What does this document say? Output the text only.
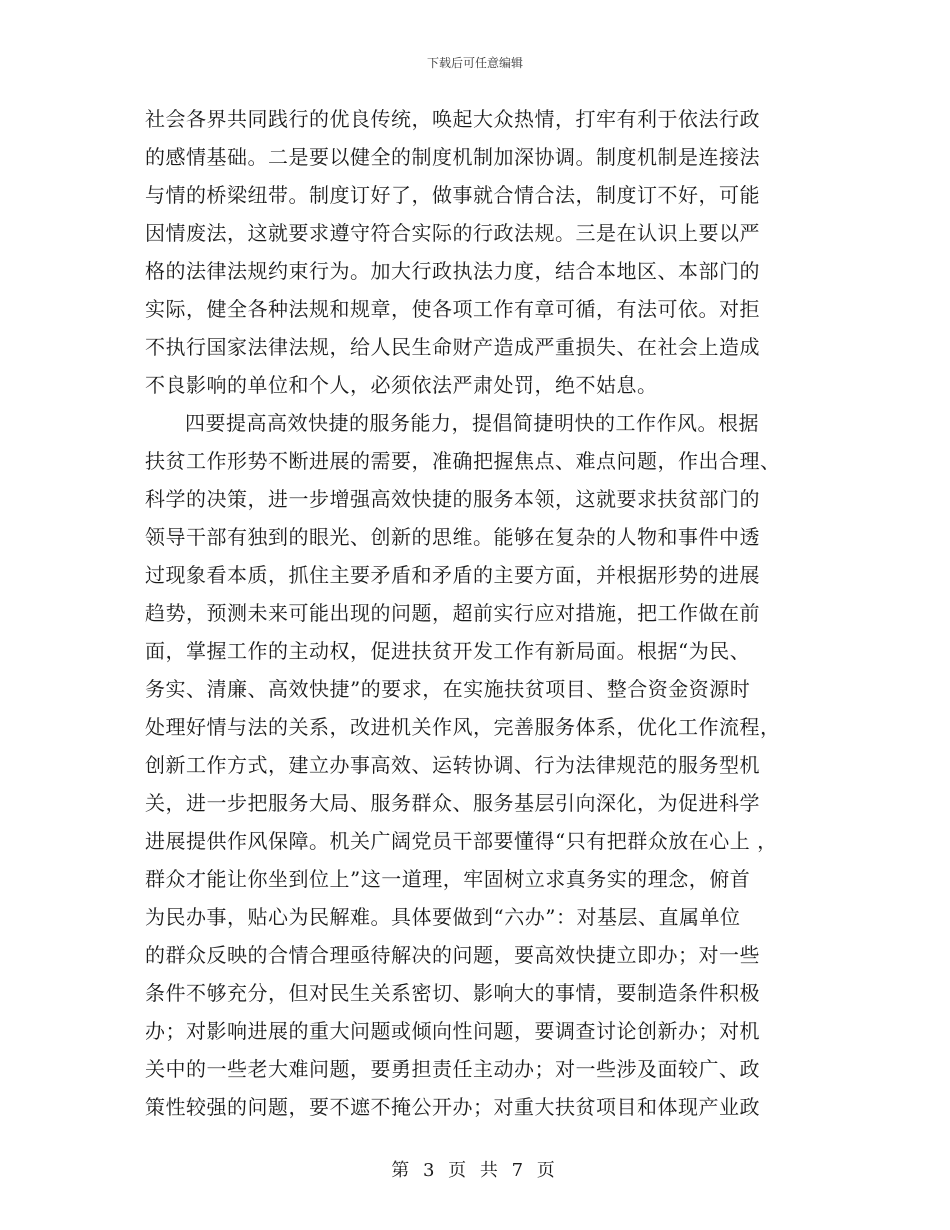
下载后可任意编辑
社会各界共同践行的优良传统，唤起大众热情，打牢有利于依法行政
的感情基础。二是要以健全的制度机制加深协调。制度机制是连接法
与情的桥梁纽带。制度订好了，做事就合情合法，制度订不好，可能
因情废法，这就要求遵守符合实际的行政法规。三是在认识上要以严
格的法律法规约束行为。加大行政执法力度，结合本地区、本部门的
实际，健全各种法规和规章，使各项工作有章可循，有法可依。对拒
不执行国家法律法规，给人民生命财产造成严重损失、在社会上造成
不良影响的单位和个人，必须依法严肃处罚，绝不姑息。
四要提高高效快捷的服务能力，提倡简捷明快的工作作风。根据
扶贫工作形势不断进展的需要，准确把握焦点、难点问题，作出合理、
科学的决策，进一步增强高效快捷的服务本领，这就要求扶贫部门的
领导干部有独到的眼光、创新的思维。能够在复杂的人物和事件中透
过现象看本质，抓住主要矛盾和矛盾的主要方面，并根据形势的进展
趋势，预测未来可能出现的问题，超前实行应对措施，把工作做在前
面，掌握工作的主动权，促进扶贫开发工作有新局面。根据“为民、
务实、清廉、高效快捷”的要求，在实施扶贫项目、整合资金资源时
处理好情与法的关系，改进机关作风，完善服务体系，优化工作流程，
创新工作方式，建立办事高效、运转协调、行为法律规范的服务型机
关，进一步把服务大局、服务群众、服务基层引向深化，为促进科学
进展提供作风保障。机关广阔党员干部要懂得“只有把群众放在心上 ，
群众才能让你坐到位上”这一道理，牢固树立求真务实的理念，俯首
为民办事，贴心为民解难。具体要做到“六办”：对基层、直属单位
的群众反映的合情合理亟待解决的问题，要高效快捷立即办；对一些
条件不够充分，但对民生关系密切、影响大的事情，要制造条件积极
办；对影响进展的重大问题或倾向性问题，要调查讨论创新办；对机
关中的一些老大难问题，要勇担责任主动办；对一些涉及面较广、政
策性较强的问题，要不遮不掩公开办；对重大扶贫项目和体现产业政
第 3 页 共 7 页
